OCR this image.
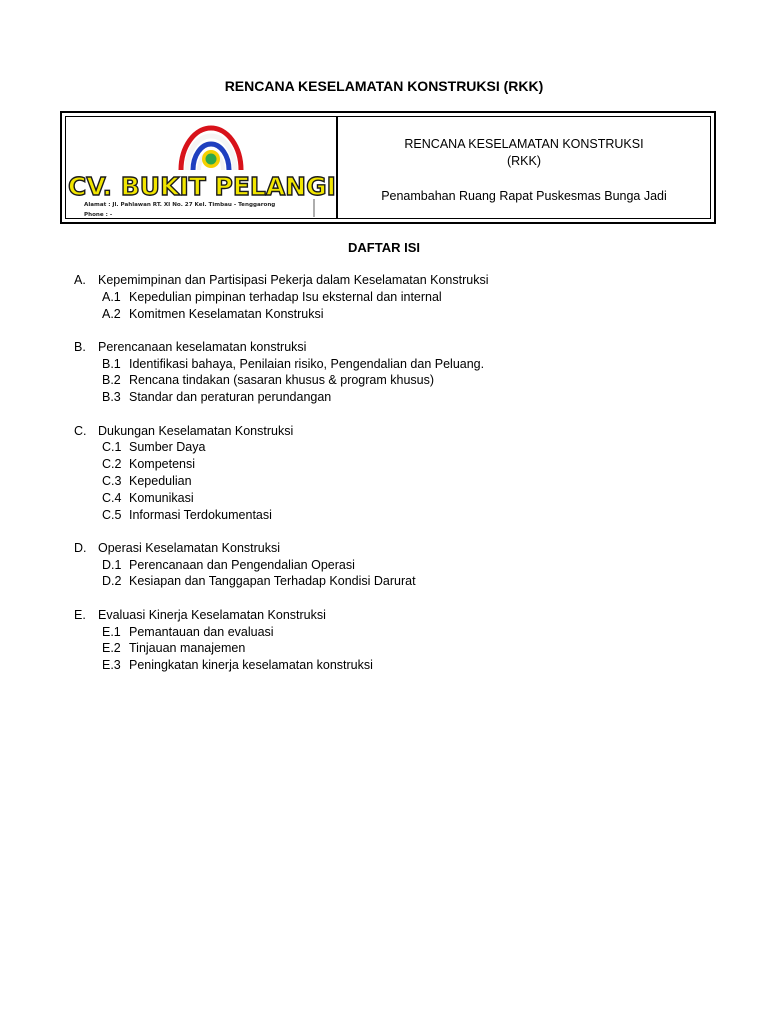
RENCANA KESELAMATAN KONSTRUKSI (RKK)
CV. BUKIT PELANGI
Alamat : Jl. Pahlawan RT. XI No. 27 Kel. Timbau - Tenggarong
Phone : -
RENCANA KESELAMATAN KONSTRUKSI
(RKK)
Penambahan Ruang Rapat Puskesmas Bunga Jadi
DAFTAR ISI
A. Kepemimpinan dan Partisipasi Pekerja dalam Keselamatan Konstruksi
A.1 Kepedulian pimpinan terhadap Isu eksternal dan internal
A.2 Komitmen Keselamatan Konstruksi
B. Perencanaan keselamatan konstruksi
B.1 Identifikasi bahaya, Penilaian risiko, Pengendalian dan Peluang.
B.2 Rencana tindakan (sasaran khusus & program khusus)
B.3 Standar dan peraturan perundangan
C. Dukungan Keselamatan Konstruksi
C.1 Sumber Daya
C.2 Kompetensi
C.3 Kepedulian
C.4 Komunikasi
C.5 Informasi Terdokumentasi
D. Operasi Keselamatan Konstruksi
D.1 Perencanaan dan Pengendalian Operasi
D.2 Kesiapan dan Tanggapan Terhadap Kondisi Darurat
E. Evaluasi Kinerja Keselamatan Konstruksi
E.1 Pemantauan dan evaluasi
E.2 Tinjauan manajemen
E.3 Peningkatan kinerja keselamatan konstruksi
